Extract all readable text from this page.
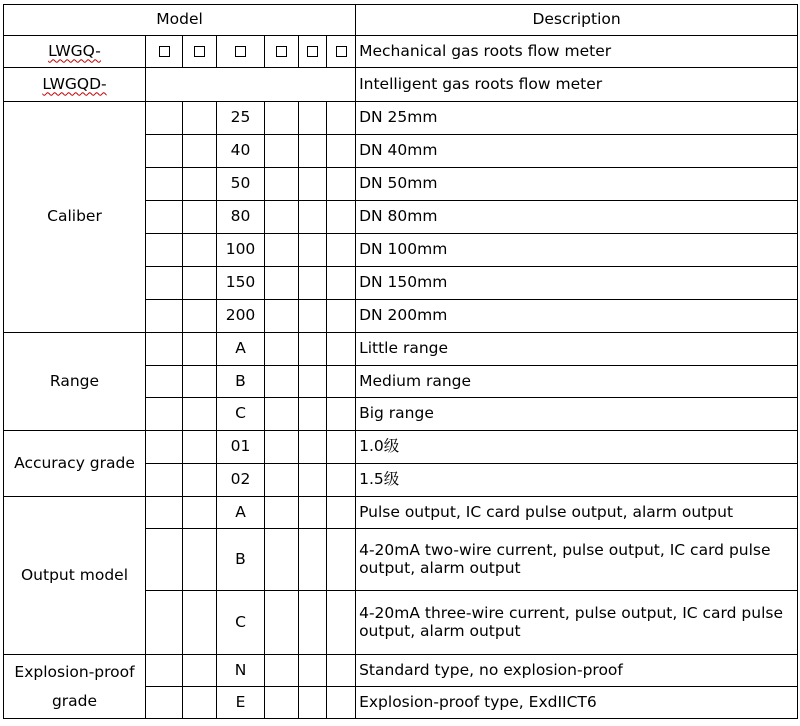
Model							Description
LWGQ-							Mechanical gas roots flow meter
LWGQD-							Intelligent gas roots flow meter
Caliber			25				DN 25mm
			40				DN 40mm
			50				DN 50mm
			80				DN 80mm
			100				DN 100mm
			150				DN 150mm
			200				DN 200mm
Range			A				Little range
			B				Medium range
			C				Big range
Accuracy grade			01				1.0级
			02				1.5级
Output model			A				Pulse output, IC card pulse output, alarm output
			B				4-20mA two-wire current, pulse output, IC card pulse output, alarm output
			C				4-20mA three-wire current, pulse output, IC card pulse output, alarm output
Explosion-proof grade			N				Standard type, no explosion-proof
			E				Explosion-proof type, ExdIICT6
